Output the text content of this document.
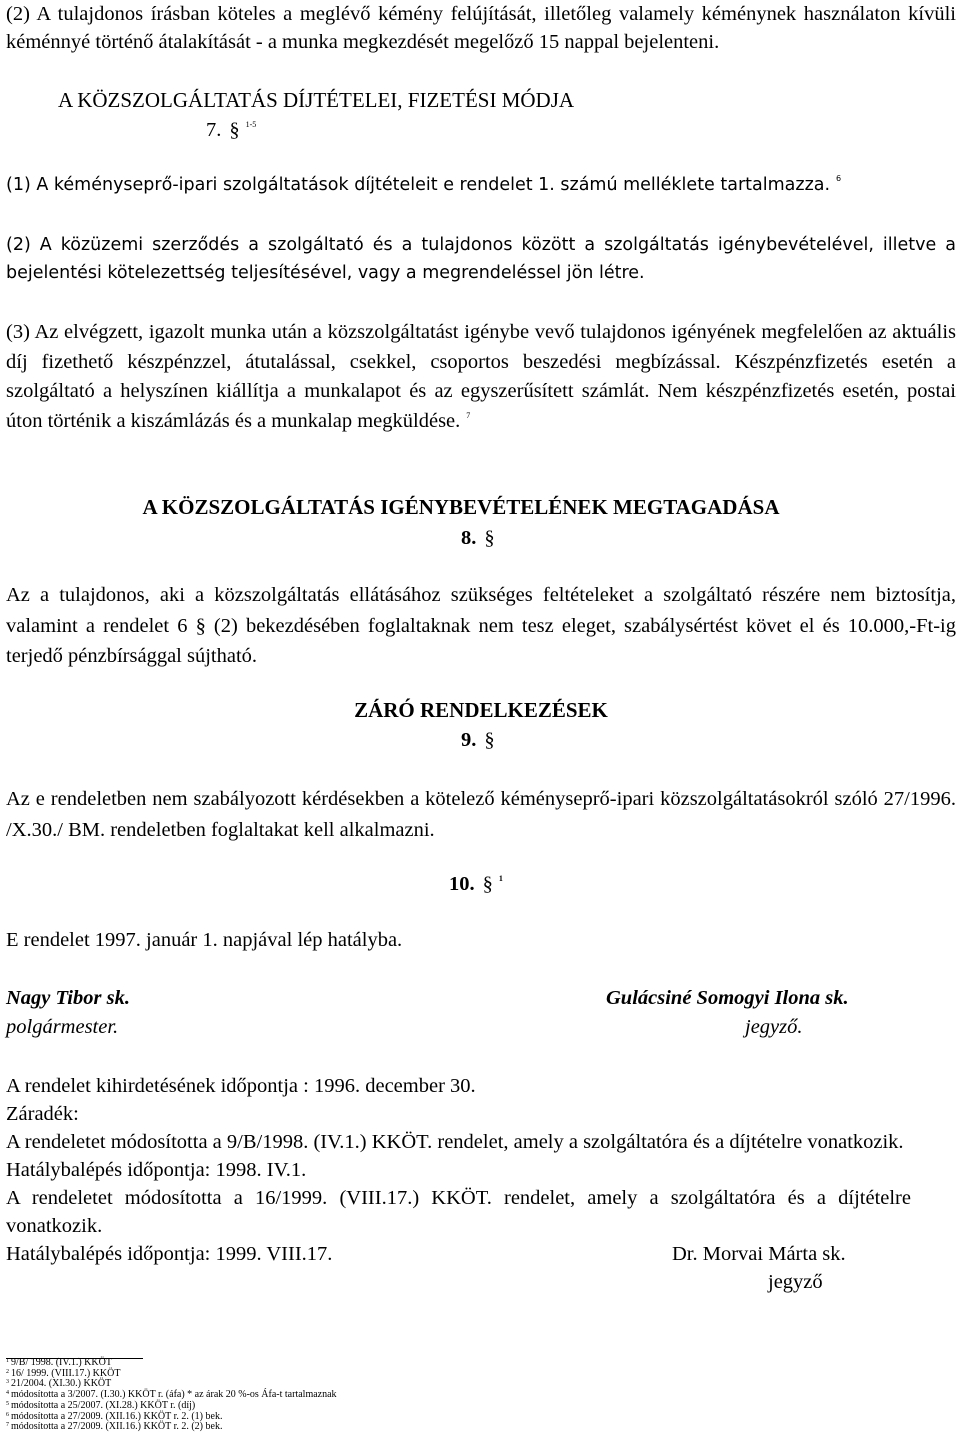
(2) A tulajdonos írásban köteles a meglévő kémény felújítását, illetőleg valamely kéménynek használaton kívüli kéménnyé történő átalakítását - a munka megkezdését megelőző 15 nappal bejelenteni.

A KÖZSZOLGÁLTATÁS DÍJTÉTELEI, FIZETÉSI MÓDJA

7. § $^{1-5}$

(1) A kéményseprő-ipari szolgáltatások díjtételeit e rendelet 1. számú melléklete tartalmazza. $^6$

(2) A közüzemi szerződés a szolgáltató és a tulajdonos között a szolgáltatás igénybevételével, illetve a bejelentési kötelezettség teljesítésével, vagy a megrendeléssel jön létre.

(3) Az elvégzett, igazolt munka után a közszolgáltatást igénybe vevő tulajdonos igényének megfelelően az aktuális díj fizethető készpénzzel, átutalással, csekkel, csoportos beszedési megbízással. Készpénzfizetés esetén a szolgáltató a helyszínen kiállítja a munkalapot és az egyszerűsített számlát. Nem készpénzfizetés esetén, postai úton történik a kiszámlázás és a munkalap megküldése. $^7$

A KÖZSZOLGÁLTATÁS IGÉNYBEVÉTELÉNEK MEGTAGADÁSA

8. §

Az a tulajdonos, aki a közszolgáltatás ellátásához szükséges feltételeket a szolgáltató részére nem biztosítja, valamint a rendelet 6 § (2) bekezdésében foglaltaknak nem tesz eleget, szabálysértést követ el és 10.000,-Ft-ig terjedő pénzbírsággal sújtható.

ZÁRÓ RENDELKEZÉSEK

9. §

Az e rendeletben nem szabályozott kérdésekben a kötelező kéményseprő-ipari közszolgáltatásokról szóló 27/1996. /X.30./ BM. rendeletben foglaltakat kell alkalmazni.

10. § $^1$

E rendelet 1997. január 1. napjával lép hatályba.

Nagy Tibor sk.	Gulácsiné Somogyi Ilona sk.
polgármester.	jegyző.

A rendelet kihirdetésének időpontja : 1996. december 30.

Záradék:

A rendeletet módosította a 9/B/1998. (IV.1.) KKÖT. rendelet, amely a szolgáltatóra és a díjtételre vonatkozik.

Hatálybalépés időpontja: 1998. IV.1.

A rendeletet módosította a 16/1999. (VIII.17.) KKÖT. rendelet, amely a szolgáltatóra és a díjtételre vonatkozik.

Hatálybalépés időpontja: 1999. VIII.17.	Dr. Morvai Márta sk.

jegyző

$^1$ 9/B/ 1998. (IV.1.) KKÖT
$^2$ 16/ 1999. (VIII.17.) KKÖT
$^3$ 21/2004. (XI.30.) KKÖT
$^4$ módosította a 3/2007. (I.30.) KKÖT r. (áfa) * az árak 20 %-os Áfa-t tartalmaznak
$^5$ módosította a 25/2007. (XI.28.) KKÖT r. (díj)
$^6$ módosította a 27/2009. (XII.16.) KKÖT r. 2. (1) bek.
$^7$ módosította a 27/2009. (XII.16.) KKÖT r. 2. (2) bek.
